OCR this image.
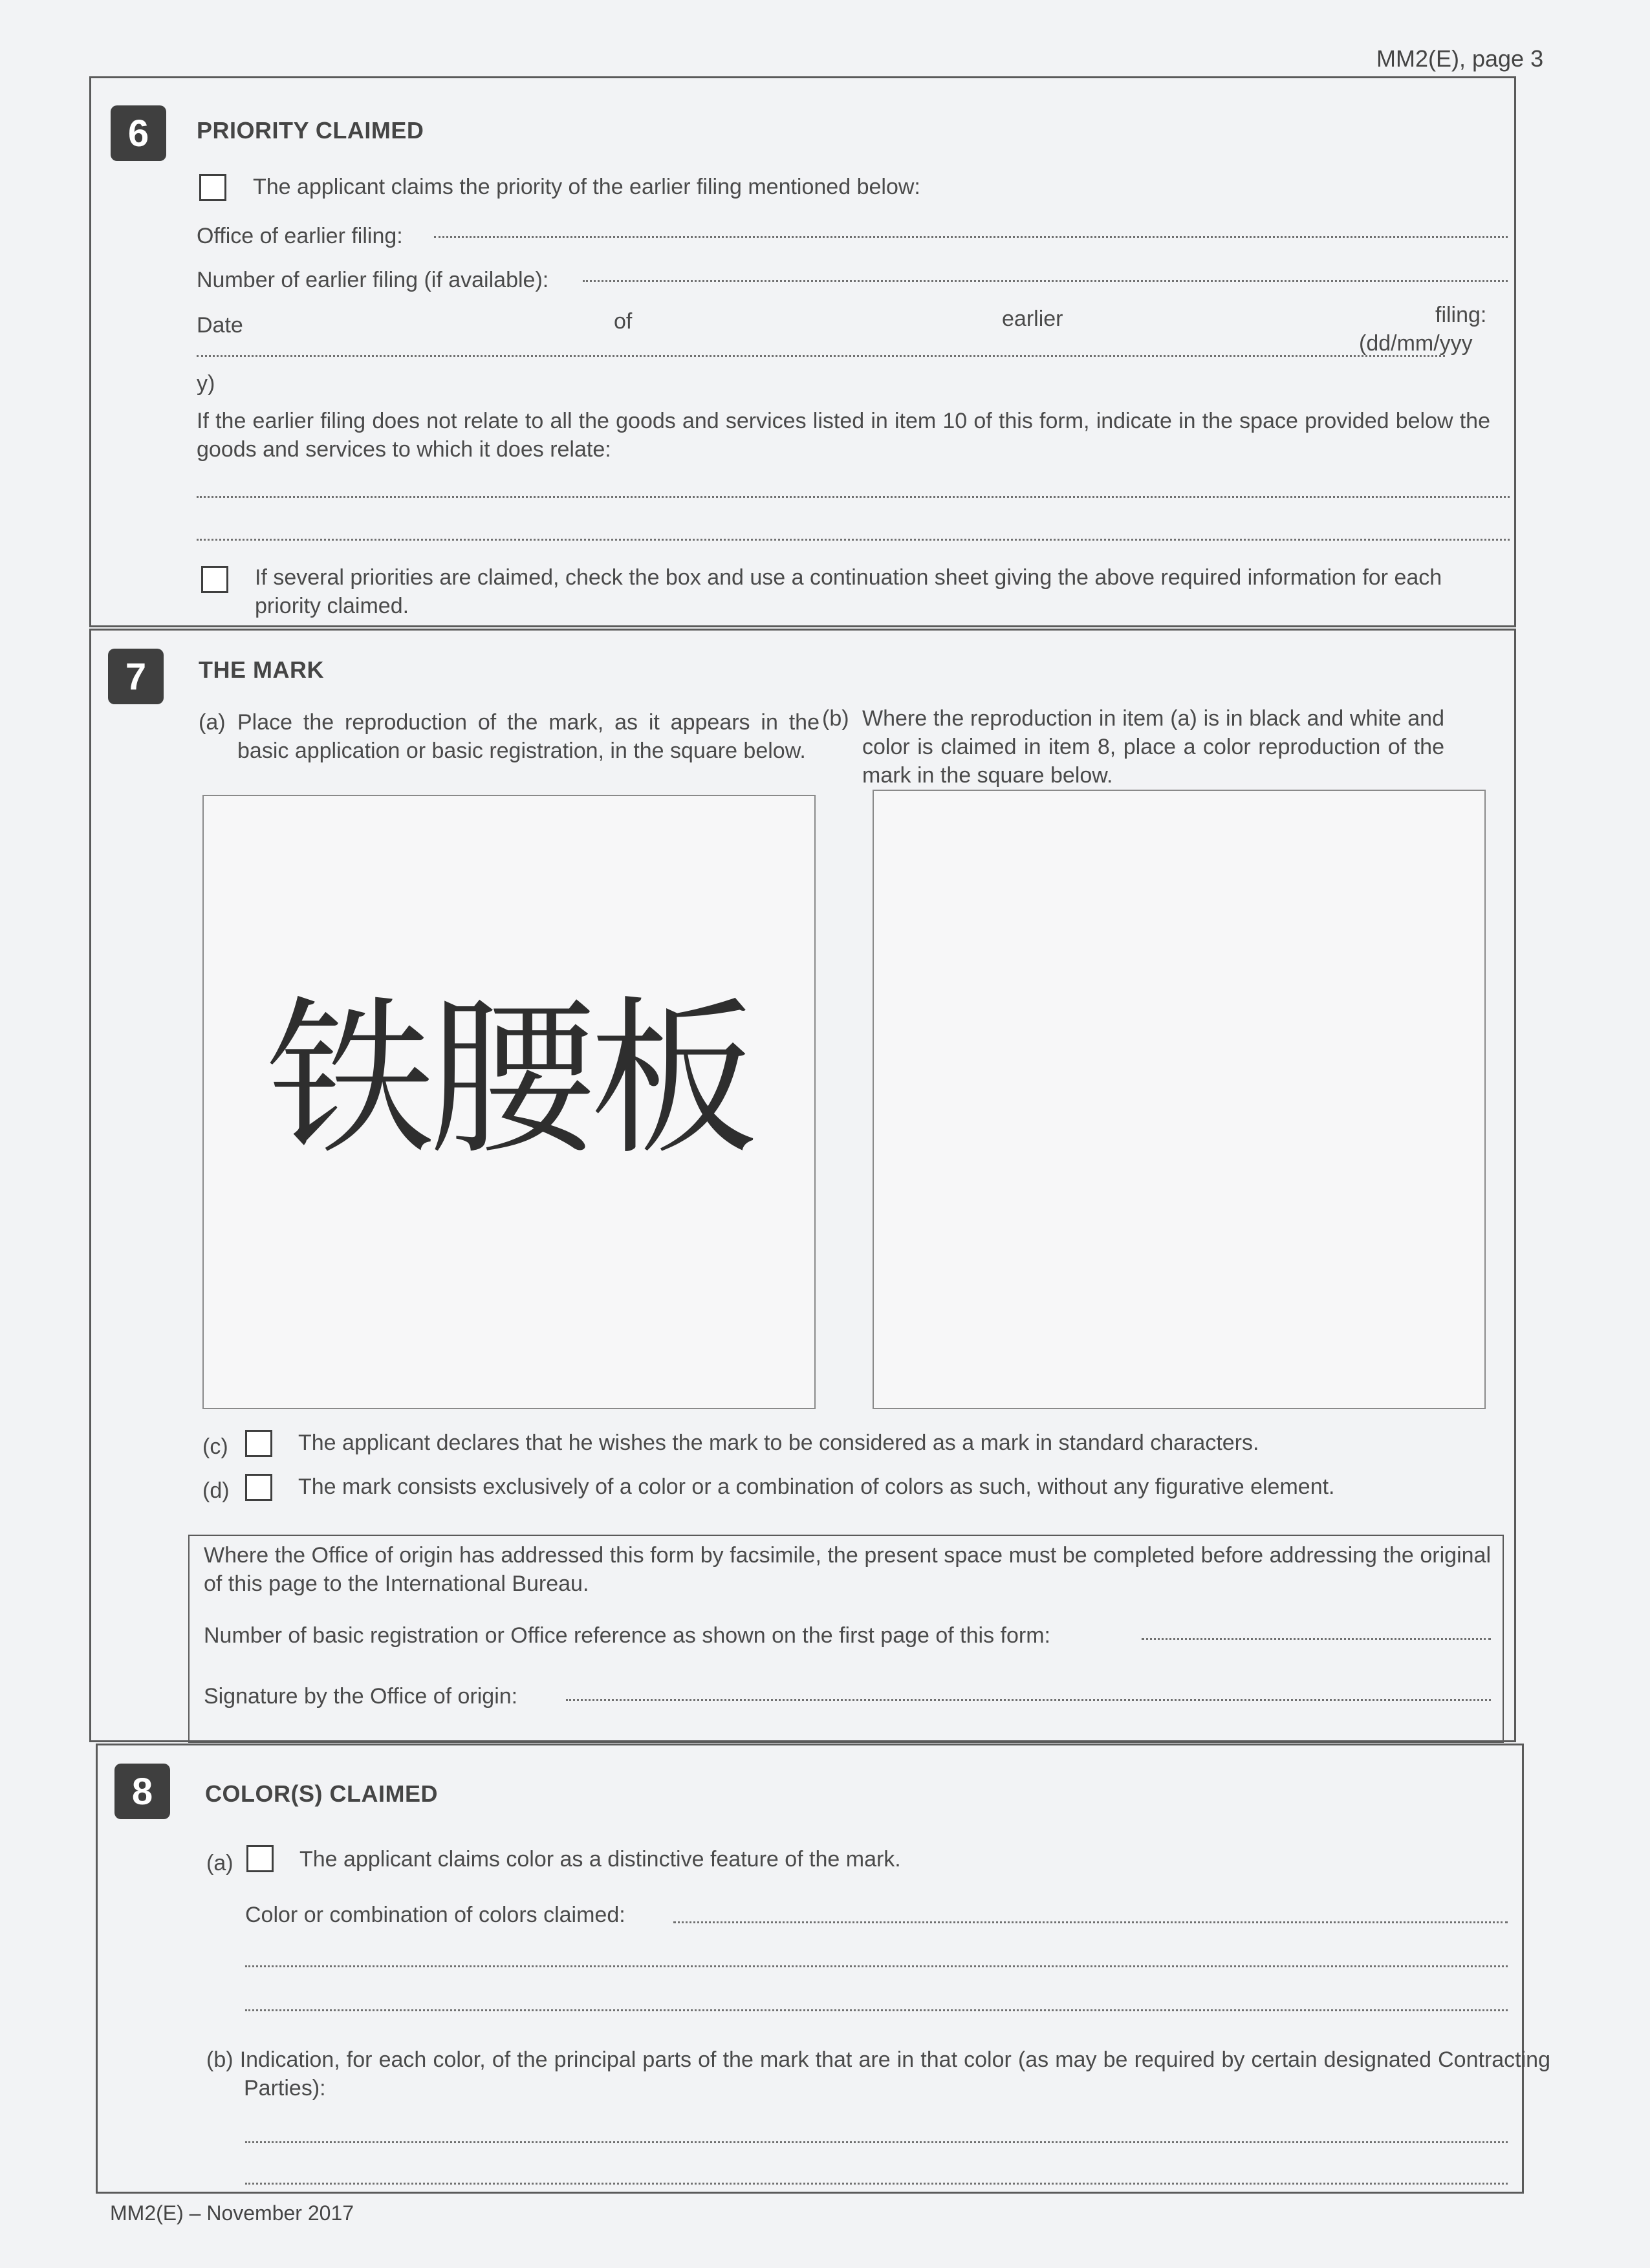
MM2(E), page 3
6	PRIORITY CLAIMED
The applicant claims the priority of the earlier filing mentioned below:
Office of earlier filing:
Number of earlier filing (if available):
Date	of	earlier	filing:
(dd/mm/yyy
y)
If the earlier filing does not relate to all the goods and services listed in item 10 of this form, indicate in the space provided below the goods and services to which it does relate:
If several priorities are claimed, check the box and use a continuation sheet giving the above required information for each priority claimed.
7	THE MARK
(a) Place the reproduction of the mark, as it appears in the basic application or basic registration, in the square below.
(b) Where the reproduction in item (a) is in black and white and color is claimed in item 8, place a color reproduction of the mark in the square below.
铁腰板
(c)	The applicant declares that he wishes the mark to be considered as a mark in standard characters.
(d)	The mark consists exclusively of a color or a combination of colors as such, without any figurative element.
Where the Office of origin has addressed this form by facsimile, the present space must be completed before addressing the original of this page to the International Bureau.
Number of basic registration or Office reference as shown on the first page of this form:
Signature by the Office of origin:
8	COLOR(S) CLAIMED
(a)	The applicant claims color as a distinctive feature of the mark.
Color or combination of colors claimed:
(b) Indication, for each color, of the principal parts of the mark that are in that color (as may be required by certain designated Contracting Parties):
MM2(E) – November 2017
